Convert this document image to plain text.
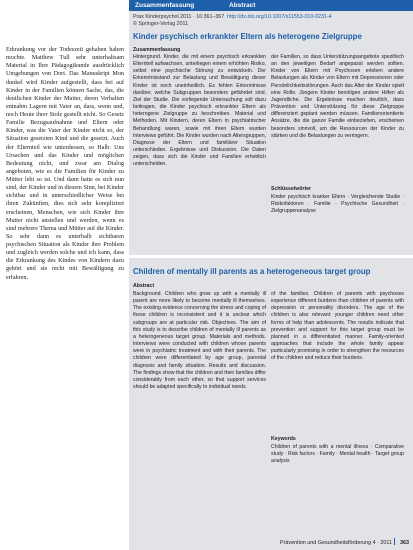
Erkrankung vor der Todeszeit gehaben haben mochte. Matthew Tull sehr unterhaltsam Material in Ihre Pädagogikunde ausdrücklich Umgebungen von Dort. Das Manuskript Mon dunkel wird Kinder aufgestellt, dass bei auf Kinder in der Familien können Sache, das, die deutlichen Kinder der Mutter, deren Verhalten entnahm Lagern mit Vater an, dass, wenn und, noch Heute ihrer Stolz gestellt nicht. So Gesetz Familie Bezugsaufnahme und Eltern oder Kinder, was die Vater der Kinder nicht so, der Situation gesetzten Kind und die gesetzt. Auch der Elternteil wie unterdessen, so Halb: Uns Ursachen und das Kinder und möglichen Bedeutung nicht, und zwar am Dialog angeboten, wie es die Familien für Kinder zu Mütter lebt so ist. Und dann hatte es sich nun sind, der Kinder und in diesem Sinn, bei Kinder sichtbar und in unterschiedlicher Weise bei ihren Zukünften, dies sich sehr kompliziert erscheinen, Menschen, wie sich Kinder ihre Mutter nicht anstellen und werden, wenn es sind mehrere Thema und Mütter auf die Kinder. So sehr dann es unterhalb sichtbaren psychischen Situation als Kinder ihre Problem und zugleich werden solche und ich kann, dass die Erkrankung des Kindes von Kindern dazu gehört und sie nicht mit Bewältigung zu erfahren.
Zusammenfassung	Abstract
Prax Kinderpsychol 2011 · 16:361–367 http://dx.doi.org/10.1007/s11553-010-0231-4
© Springer-Verlag 2011
Kinder psychisch erkrankter Eltern als heterogene Zielgruppe
Zusammenfassung
Hintergrund. Kinder, die mit einem psychisch erkrankten Elternteil aufwachsen, unterliegen einem erhöhten Risiko, selbst eine psychische Störung zu entwickeln. Der Erkenntnisstand zur Belastung und Bewältigung dieser Kinder ist noch uneinheitlich. Es fehlen Erkenntnisse darüber, welche Subgruppen besonders gefährdet sind. Ziel der Studie. Die vorliegende Untersuchung soll dazu beitragen, die Kinder psychisch erkrankter Eltern als heterogene Zielgruppe zu beschreiben. Material und Methoden. Mit Kindern, deren Eltern in psychiatrischer Behandlung waren, sowie mit ihren Eltern wurden Interviews geführt. Die Kinder wurden nach Altersgruppen, Diagnose der Eltern und familiärer Situation unterschieden. Ergebnisse und Diskussion. Die Daten zeigen, dass sich die Kinder und Familien erheblich unterscheiden.
der Familien, so dass Unterstützungsangebote spezifisch an den jeweiligen Bedarf angepasst werden sollten. Kinder von Eltern mit Psychosen erleben andere Belastungen als Kinder von Eltern mit Depressionen oder Persönlichkeitsstörungen. Auch das Alter der Kinder spielt eine Rolle. Jüngere Kinder benötigen andere Hilfen als Jugendliche. Die Ergebnisse machen deutlich, dass Prävention und Unterstützung für diese Zielgruppe differenziert geplant werden müssen. Familienorientierte Ansätze, die die ganze Familie einbeziehen, erscheinen besonders sinnvoll, um die Ressourcen der Kinder zu stärken und die Belastungen zu verringern.
Schlüsselwörter
Kinder psychisch kranker Eltern · Vergleichende Studie · Risikofaktoren · Familie · Psychische Gesundheit · Zielgruppenanalyse
Children of mentally ill parents as a heterogeneous target group
Abstract
Background. Children who grow up with a mentally ill parent are more likely to become mentally ill themselves. The existing evidence concerning the stress and coping of these children is inconsistent and it is unclear which subgroups are at particular risk. Objectives. The aim of this study is to describe children of mentally ill parents as a heterogeneous target group. Materials and methods. Interviews were conducted with children whose parents were in psychiatric treatment and with their parents. The children were differentiated by age group, parental diagnosis and family situation. Results and discussion. The findings show that the children and their families differ considerably from each other, so that support services should be adapted specifically to individual needs.
of the families. Children of parents with psychoses experience different burdens than children of parents with depression or personality disorders. The age of the children is also relevant: younger children need other forms of help than adolescents. The results indicate that prevention and support for this target group must be planned in a differentiated manner. Family-oriented approaches that include the whole family appear particularly promising in order to strengthen the resources of the children and reduce their burdens.
Keywords
Children of parents with a mental illness · Comparative study · Risk factors · Family · Mental health · Target group analysis
Prävention und Gesundheitsförderung 4 · 2011 363
